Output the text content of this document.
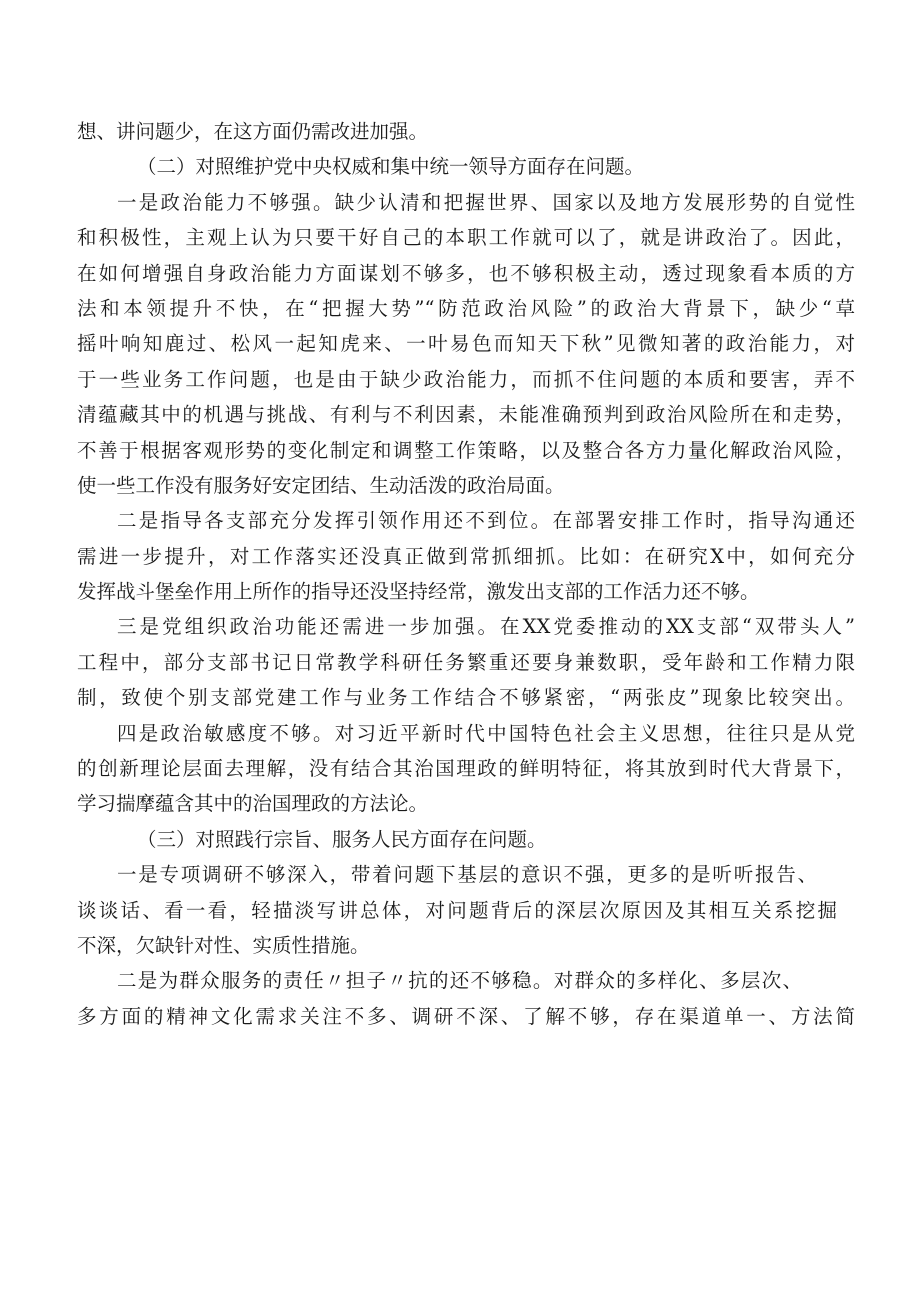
想、讲问题少，在这方面仍需改进加强。
（二）对照维护党中央权威和集中统一领导方面存在问题。
一是政治能力不够强。缺少认清和把握世界、国家以及地方发展形势的自觉性
和积极性，主观上认为只要干好自己的本职工作就可以了，就是讲政治了。因此，
在如何增强自身政治能力方面谋划不够多，也不够积极主动，透过现象看本质的方
法和本领提升不快，在“把握大势”“防范政治风险”的政治大背景下，缺少“草
摇叶响知鹿过、松风一起知虎来、一叶易色而知天下秋”见微知著的政治能力，对
于一些业务工作问题，也是由于缺少政治能力，而抓不住问题的本质和要害，弄不
清蕴藏其中的机遇与挑战、有利与不利因素，未能准确预判到政治风险所在和走势，
不善于根据客观形势的变化制定和调整工作策略，以及整合各方力量化解政治风险，
使一些工作没有服务好安定团结、生动活泼的政治局面。
二是指导各支部充分发挥引领作用还不到位。在部署安排工作时，指导沟通还
需进一步提升，对工作落实还没真正做到常抓细抓。比如：在研究X中，如何充分
发挥战斗堡垒作用上所作的指导还没坚持经常，激发出支部的工作活力还不够。
三是党组织政治功能还需进一步加强。在XX党委推动的XX支部“双带头人”
工程中，部分支部书记日常教学科研任务繁重还要身兼数职，受年龄和工作精力限
制，致使个别支部党建工作与业务工作结合不够紧密，“两张皮”现象比较突出。
四是政治敏感度不够。对习近平新时代中国特色社会主义思想，往往只是从党
的创新理论层面去理解，没有结合其治国理政的鲜明特征，将其放到时代大背景下，
学习揣摩蕴含其中的治国理政的方法论。
（三）对照践行宗旨、服务人民方面存在问题。
一是专项调研不够深入，带着问题下基层的意识不强，更多的是听听报告、
谈谈话、看一看，轻描淡写讲总体，对问题背后的深层次原因及其相互关系挖掘
不深，欠缺针对性、实质性措施。
二是为群众服务的责任〃担子〃抗的还不够稳。对群众的多样化、多层次、
多方面的精神文化需求关注不多、调研不深、了解不够，存在渠道单一、方法简
